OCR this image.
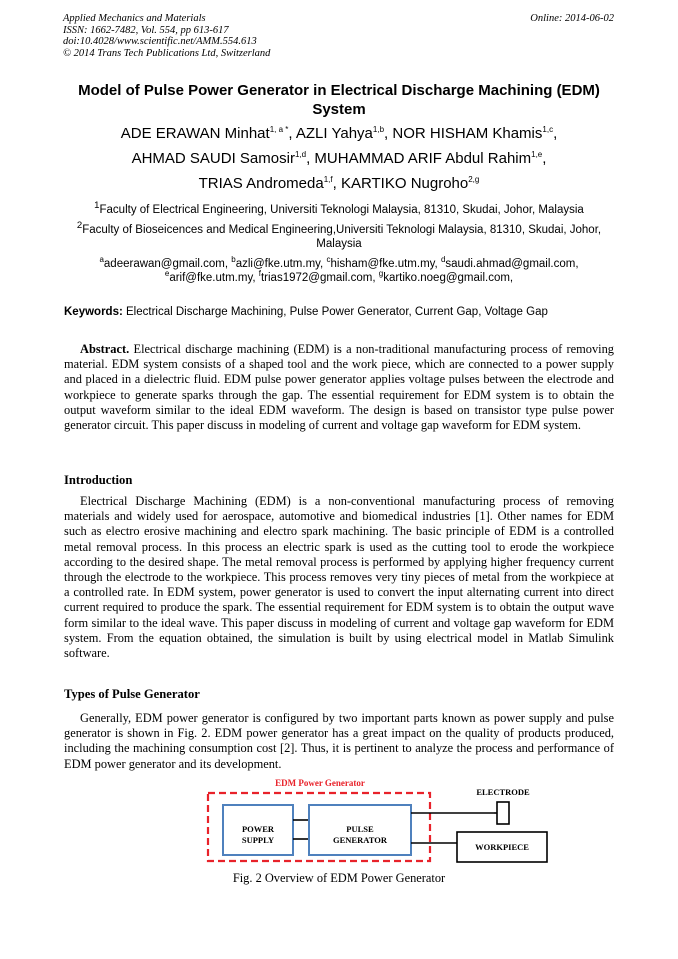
Applied Mechanics and Materials
ISSN: 1662-7482, Vol. 554, pp 613-617
doi:10.4028/www.scientific.net/AMM.554.613
© 2014 Trans Tech Publications Ltd, Switzerland
Online: 2014-06-02
Model of Pulse Power Generator in Electrical Discharge Machining (EDM) System
ADE ERAWAN Minhat$^{1, a *}$, AZLI Yahya$^{1,b}$, NOR HISHAM Khamis$^{1,c}$,
AHMAD SAUDI Samosir$^{1,d}$, MUHAMMAD ARIF Abdul Rahim$^{1,e}$,
TRIAS Andromeda$^{1,f}$, KARTIKO Nugroho$^{2,g}$
$^1$Faculty of Electrical Engineering, Universiti Teknologi Malaysia, 81310, Skudai, Johor, Malaysia
$^2$Faculty of Bioseicences and Medical Engineering,Universiti Teknologi Malaysia, 81310, Skudai, Johor, Malaysia
$^a$adeerawan@gmail.com, $^b$azli@fke.utm.my, $^c$hisham@fke.utm.my, $^d$saudi.ahmad@gmail.com,
$^e$arif@fke.utm.my, $^f$trias1972@gmail.com, $^g$kartiko.noeg@gmail.com,
Keywords: Electrical Discharge Machining, Pulse Power Generator, Current Gap, Voltage Gap
Abstract. Electrical discharge machining (EDM) is a non-traditional manufacturing process of removing material. EDM system consists of a shaped tool and the work piece, which are connected to a power supply and placed in a dielectric fluid. EDM pulse power generator applies voltage pulses between the electrode and workpiece to generate sparks through the gap. The essential requirement for EDM system is to obtain the output waveform similar to the ideal EDM waveform. The design is based on transistor type pulse power generator circuit. This paper discuss in modeling of current and voltage gap waveform for EDM system.
Introduction
Electrical Discharge Machining (EDM) is a non-conventional manufacturing process of removing materials and widely used for aerospace, automotive and biomedical industries [1]. Other names for EDM such as electro erosive machining and electro spark machining. The basic principle of EDM is a controlled metal removal process. In this process an electric spark is used as the cutting tool to erode the workpiece according to the desired shape. The metal removal process is performed by applying higher frequency current through the electrode to the workpiece. This process removes very tiny pieces of metal from the workpiece at a controlled rate. In EDM system, power generator is used to convert the input alternating current into direct current required to produce the spark. The essential requirement for EDM system is to obtain the output wave form similar to the ideal wave. This paper discuss in modeling of current and voltage gap waveform for EDM system. From the equation obtained, the simulation is built by using electrical model in Matlab Simulink software.
Types of Pulse Generator
Generally, EDM power generator is configured by two important parts known as power supply and pulse generator is shown in Fig. 2. EDM power generator has a great impact on the quality of products produced, including the machining consumption cost [2]. Thus, it is pertinent to analyze the process and performance of EDM power generator and its development.
EDM Power Generator
POWER
SUPPLY
PULSE
GENERATOR
ELECTRODE
WORKPIECE
Fig. 2 Overview of EDM Power Generator
